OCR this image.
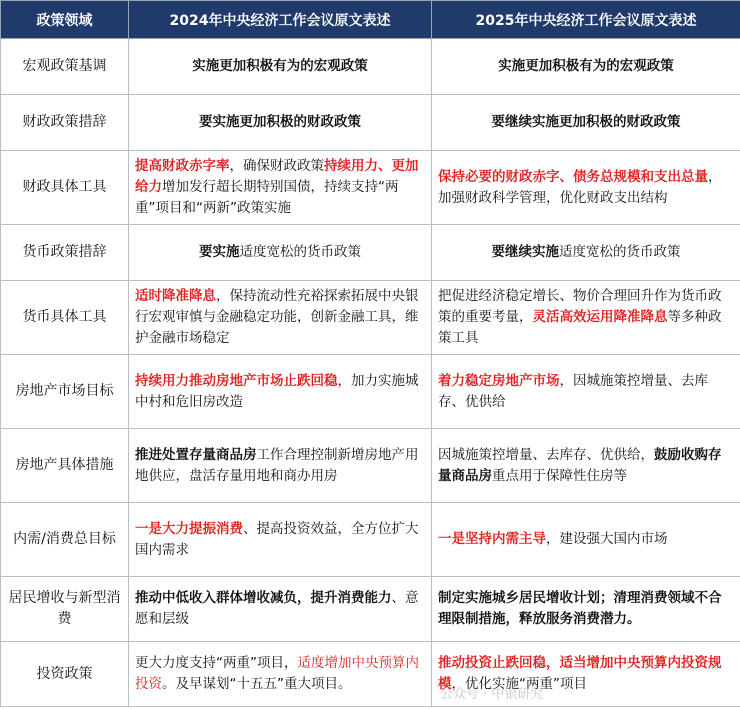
政策领域	2024年中央经济工作会议原文表述	2025年中央经济工作会议原文表述
宏观政策基调	实施更加积极有为的宏观政策	实施更加积极有为的宏观政策
财政政策措辞	要实施更加积极的财政政策	要继续实施更加积极的财政政策
财政具体工具	提高财政赤字率，确保财政政策持续用力、更加给力增加发行超长期特别国债，持续支持“两重”项目和“两新”政策实施	保持必要的财政赤字、债务总规模和支出总量，加强财政科学管理，优化财政支出结构
货币政策措辞	要实施适度宽松的货币政策	要继续实施适度宽松的货币政策
货币具体工具	适时降准降息，保持流动性充裕探索拓展中央银行宏观审慎与金融稳定功能，创新金融工具，维护金融市场稳定	把促进经济稳定增长、物价合理回升作为货币政策的重要考量，灵活高效运用降准降息等多种政策工具
房地产市场目标	持续用力推动房地产市场止跌回稳，加力实施城中村和危旧房改造	着力稳定房地产市场，因城施策控增量、去库存、优供给
房地产具体措施	推进处置存量商品房工作合理控制新增房地产用地供应，盘活存量用地和商办用房	因城施策控增量、去库存、优供给，鼓励收购存量商品房重点用于保障性住房等
内需/消费总目标	一是大力提振消费、提高投资效益，全方位扩大国内需求	一是坚持内需主导，建设强大国内市场
居民增收与新型消费	推动中低收入群体增收减负，提升消费能力、意愿和层级	制定实施城乡居民增收计划；清理消费领域不合理限制措施，释放服务消费潜力。
投资政策	更大力度支持“两重”项目，适度增加中央预算内投资。及早谋划“十五五”重大项目。	推动投资止跌回稳，适当增加中央预算内投资规模，优化实施“两重”项目
公众号 · 中银研究
